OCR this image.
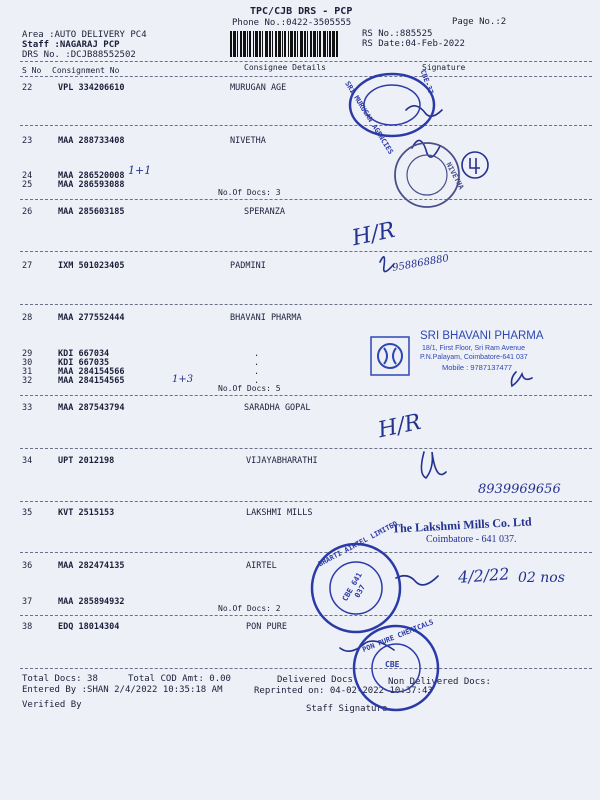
TPC/CJB DRS - PCP
Phone No.:0422-3505555	Page No.:2
Area :AUTO DELIVERY PC4
Staff :NAGARAJ PCP
DRS No. :DCJB88552502
RS No.:885525
RS Date:04-Feb-2022
S No Consignment No	Consignee Details	Signature
22	VPL 334206610	MURUGAN AGE
23	MAA 288733408	NIVETHA
24	MAA 286520008
25	MAA 286593088
No.Of Docs: 3
26	MAA 285603185	SPERANZA
27	IXM 501023405	PADMINI
28	MAA 277552444	BHAVANI PHARMA
29	KDI 667034	.
30	KDI 667035	.
31	MAA 284154566	.
32	MAA 284154565	.
No.Of Docs: 5
33	MAA 287543794	SARADHA GOPAL
34	UPT 2012198	VIJAYABHARATHI
35	KVT 2515153	LAKSHMI MILLS
36	MAA 282474135	AIRTEL
37	MAA 285894932
No.Of Docs: 2
38	EDQ 18014304	PON PURE
Total Docs: 38	Total COD Amt: 0.00	Delivered Docs:	Non Delivered Docs:
Entered By :SHAN 2/4/2022 10:35:18 AM	Reprinted on: 04-02-2022 10:37:43
Verified By	Staff Signature
1+1
1+3
H/R
958868880
H/R
8939969656
4/2/22 02 nos
SRI MURUGAN AGENCIES	CBE-37
NIVETHA
SRI BHAVANI PHARMA
18/1, First Floor, Sri Ram Avenue
P.N.Palayam, Coimbatore-641 037
Mobile : 9787137477
The Lakshmi Mills Co. Ltd
Coimbatore - 641 037.
BHARTI AIRTEL LIMITED
CBE 641 037
PON PURE CHEMICALS
CBE
